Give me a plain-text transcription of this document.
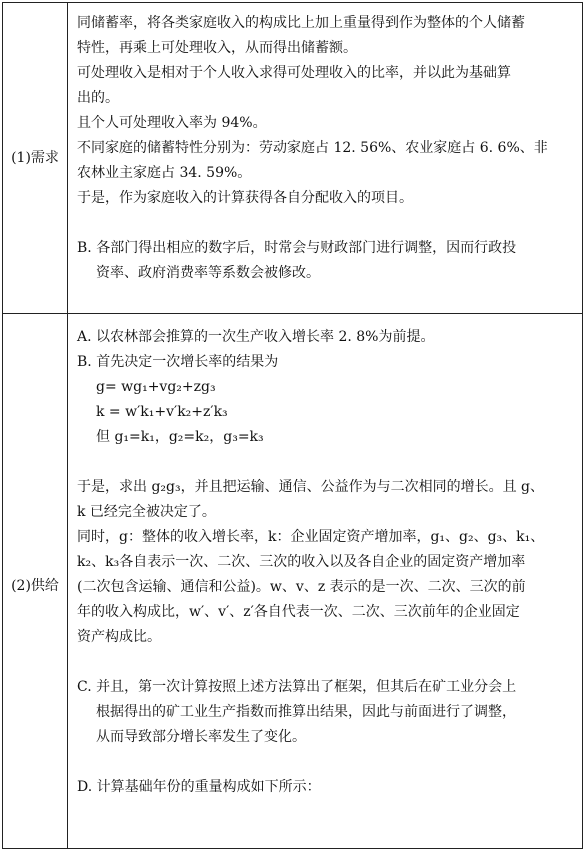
(1)需求

同储蓄率，将各类家庭收入的构成比上加上重量得到作为整体的个人储蓄

特性，再乘上可处理收入，从而得出储蓄额。

可处理收入是相对于个人收入求得可处理收入的比率，并以此为基础算

出的。

且个人可处理收入率为 94%。

不同家庭的储蓄特性分别为：劳动家庭占 12. 56%、农业家庭占 6. 6%、非

农林业主家庭占 34. 59%。

于是，作为家庭收入的计算获得各自分配收入的项目。

B. 各部门得出相应的数字后，时常会与财政部门进行调整，因而行政投

资率、政府消费率等系数会被修改。

(2)供给

A. 以农林部会推算的一次生产收入增长率 2. 8%为前提。

B. 首先决定一次增长率的结果为

g= wg₁+vg₂+zg₃

k = w′k₁+v′k₂+z′k₃

但 g₁=k₁，g₂=k₂，g₃=k₃

于是，求出 g₂g₃，并且把运输、通信、公益作为与二次相同的增长。且 g、

k 已经完全被决定了。

同时，g：整体的收入增长率，k：企业固定资产增加率，g₁、g₂、g₃、k₁、

k₂、k₃各自表示一次、二次、三次的收入以及各自企业的固定资产增加率

(二次包含运输、通信和公益)。w、v、z 表示的是一次、二次、三次的前

年的收入构成比，w′、v′、z′各自代表一次、二次、三次前年的企业固定

资产构成比。

C. 并且，第一次计算按照上述方法算出了框架，但其后在矿工业分会上

根据得出的矿工业生产指数而推算出结果，因此与前面进行了调整，

从而导致部分增长率发生了变化。

D. 计算基础年份的重量构成如下所示：
